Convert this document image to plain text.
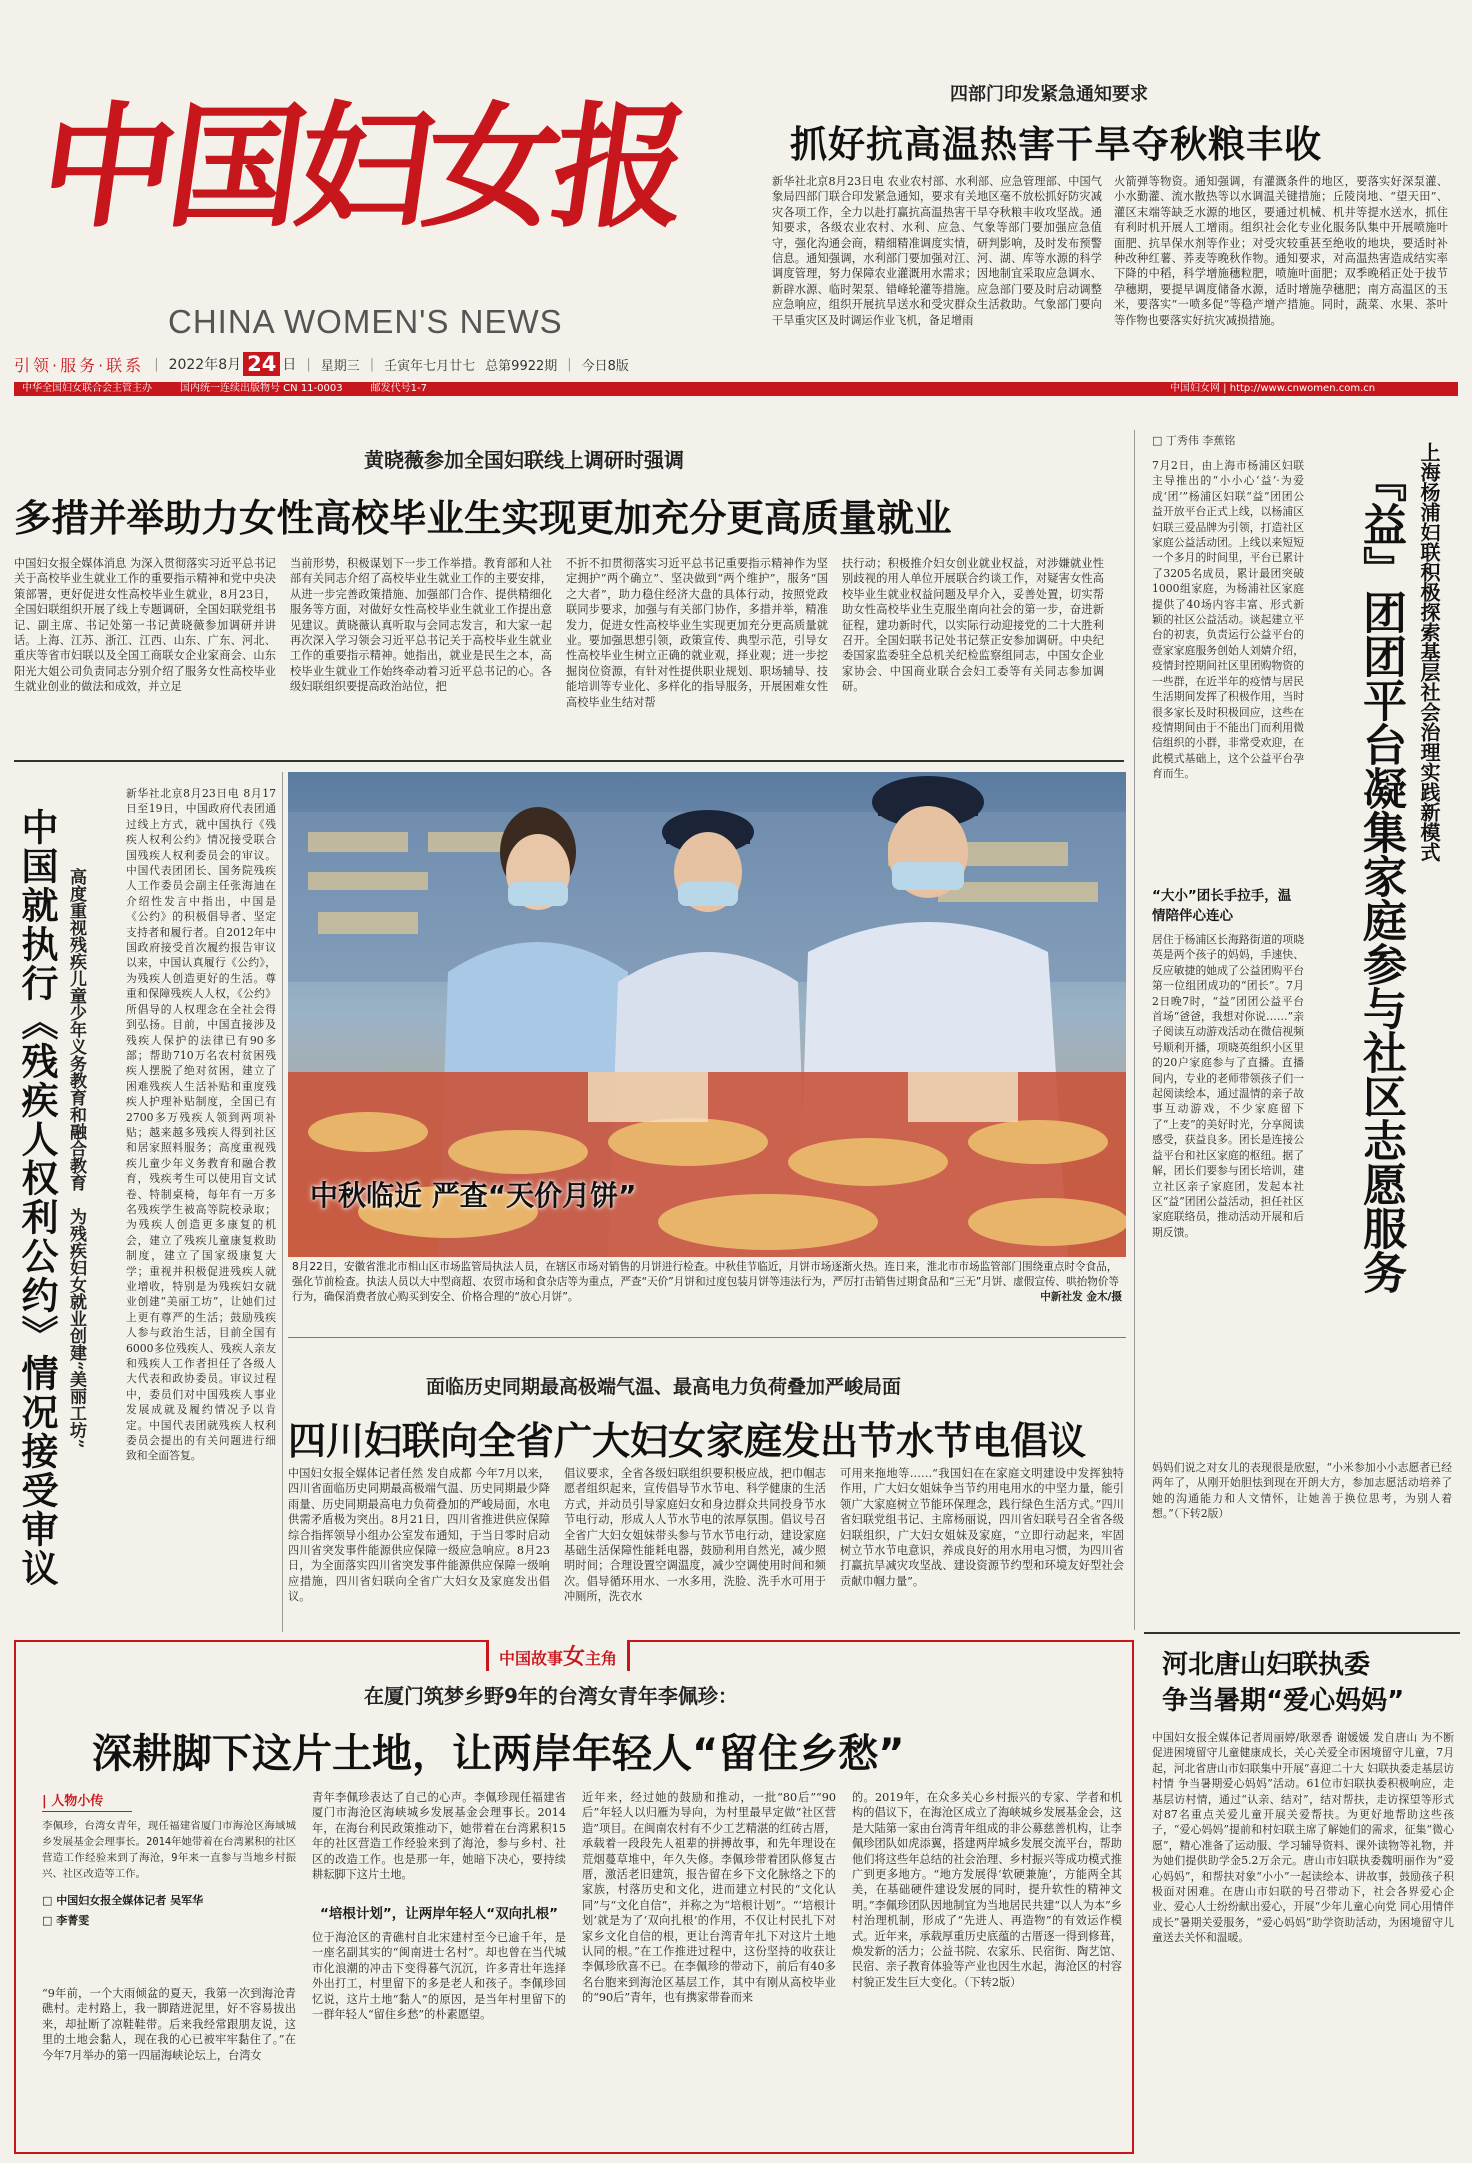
中国妇女报
CHINA WOMEN'S NEWS
引领·服务·联系 | 2022年8月 24 日 | 星期三 | 壬寅年七月廿七 总第9922期 | 今日8版
中华全国妇女联合会主管主办	国内统一连续出版物号 CN 11-0003	邮发代号1-7	中国妇女网 | http://www.cnwomen.com.cn
四部门印发紧急通知要求
抓好抗高温热害干旱夺秋粮丰收
新华社北京8月23日电 农业农村部、水利部、应急管理部、中国气象局四部门联合印发紧急通知，要求有关地区毫不放松抓好防灾减灾各项工作，全力以赴打赢抗高温热害干旱夺秋粮丰收攻坚战。通知要求，各级农业农村、水利、应急、气象等部门要加强应急值守，强化沟通会商，精细精准调度实情，研判影响，及时发布预警信息。通知强调，水利部门要加强对江、河、湖、库等水源的科学调度管理，努力保障农业灌溉用水需求；因地制宜采取应急调水、新辟水源、临时架泵、错峰轮灌等措施。应急部门要及时启动调整应急响应，组织开展抗旱送水和受灾群众生活救助。气象部门要向干旱重灾区及时调运作业飞机，备足增雨
火箭弹等物资。通知强调，有灌溉条件的地区，要落实好深泵灌、小水勤灌、流水散热等以水调温关键措施；丘陵岗地、“望天田”、灌区末端等缺乏水源的地区，要通过机械、机井等提水送水，抓住有利时机开展人工增雨。组织社会化专业化服务队集中开展喷施叶面肥、抗旱保水剂等作业；对受灾较重甚至绝收的地块，要适时补种改种红薯、荞麦等晚秋作物。通知要求，对高温热害造成结实率下降的中稻，科学增施穗粒肥，喷施叶面肥；双季晚稻正处于拔节孕穗期，要提早调度储备水源，适时增施孕穗肥；南方高温区的玉米，要落实“一喷多促”等稳产增产措施。同时，蔬菜、水果、茶叶等作物也要落实好抗灾减损措施。
黄晓薇参加全国妇联线上调研时强调
多措并举助力女性高校毕业生实现更加充分更高质量就业
中国妇女报全媒体消息 为深入贯彻落实习近平总书记关于高校毕业生就业工作的重要指示精神和党中央决策部署，更好促进女性高校毕业生就业，8月23日，全国妇联组织开展了线上专题调研，全国妇联党组书记、副主席、书记处第一书记黄晓薇参加调研并讲话。上海、江苏、浙江、江西、山东、广东、河北、重庆等省市妇联以及全国工商联女企业家商会、山东阳光大姐公司负责同志分别介绍了服务女性高校毕业生就业创业的做法和成效，并立足
当前形势，积极谋划下一步工作举措。教育部和人社部有关同志介绍了高校毕业生就业工作的主要安排，从进一步完善政策措施、加强部门合作、提供精细化服务等方面，对做好女性高校毕业生就业工作提出意见建议。黄晓薇认真听取与会同志发言，和大家一起再次深入学习领会习近平总书记关于高校毕业生就业工作的重要指示精神。她指出，就业是民生之本，高校毕业生就业工作始终牵动着习近平总书记的心。各级妇联组织要提高政治站位，把
不折不扣贯彻落实习近平总书记重要指示精神作为坚定拥护“两个确立”、坚决做到“两个维护”，服务“国之大者”，助力稳住经济大盘的具体行动，按照党政联同步要求，加强与有关部门协作，多措并举，精准发力，促进女性高校毕业生实现更加充分更高质量就业。要加强思想引领，政策宣传、典型示范，引导女性高校毕业生树立正确的就业观，择业观；进一步挖掘岗位资源，有针对性提供职业规划、职场辅导、技能培训等专业化、多样化的指导服务，开展困难女性高校毕业生结对帮
扶行动；积极推介妇女创业就业权益，对涉嫌就业性别歧视的用人单位开展联合约谈工作，对疑害女性高校毕业生就业权益问题及早介入，妥善处置，切实帮助女性高校毕业生克服坐南向社会的第一步，奋进新征程，建功新时代，以实际行动迎接党的二十大胜利召开。全国妇联书记处书记蔡正安参加调研。中央纪委国家监委驻全总机关纪检监察组同志，中国女企业家协会、中国商业联合会妇工委等有关同志参加调研。
中国就执行《残疾人权利公约》情况接受审议 高度重视残疾儿童少年义务教育和融合教育　为残疾妇女就业创建“美丽工坊”
新华社北京8月23日电 8月17日至19日，中国政府代表团通过线上方式，就中国执行《残疾人权利公约》情况接受联合国残疾人权利委员会的审议。中国代表团团长、国务院残疾人工作委员会副主任张海迪在介绍性发言中指出，中国是《公约》的积极倡导者、坚定支持者和履行者。自2012年中国政府接受首次履约报告审议以来，中国认真履行《公约》，为残疾人创造更好的生活。尊重和保障残疾人人权，《公约》所倡导的人权理念在全社会得到弘扬。目前，中国直接涉及残疾人保护的法律已有90多部；帮助710万名农村贫困残疾人摆脱了绝对贫困，建立了困难残疾人生活补贴和重度残疾人护理补贴制度，全国已有2700多万残疾人领到两项补贴；越来越多残疾人得到社区和居家照料服务；高度重视残疾儿童少年义务教育和融合教育，残疾考生可以使用盲文试卷、特制桌椅，每年有一万多名残疾学生被高等院校录取；为残疾人创造更多康复的机会，建立了残疾儿童康复救助制度，建立了国家级康复大学；重视并积极促进残疾人就业增收，特别是为残疾妇女就业创建“美丽工坊”，让她们过上更有尊严的生活；鼓励残疾人参与政治生活，目前全国有6000多位残疾人、残疾人亲友和残疾人工作者担任了各级人大代表和政协委员。审议过程中，委员们对中国残疾人事业发展成就及履约情况予以肯定。中国代表团就残疾人权利委员会提出的有关问题进行细致和全面答复。
中秋临近 严查“天价月饼”
8月22日，安徽省淮北市相山区市场监管局执法人员，在辖区市场对销售的月饼进行检查。中秋佳节临近，月饼市场逐渐火热。连日来，淮北市市场监管部门围绕重点时令食品，强化节前检查。执法人员以大中型商超、农贸市场和食杂店等为重点，严查“天价”月饼和过度包装月饼等违法行为，严厉打击销售过期食品和“三无”月饼、虚假宣传、哄抬物价等行为，确保消费者放心购买到安全、价格合理的“放心月饼”。	中新社发 金木/摄
面临历史同期最高极端气温、最高电力负荷叠加严峻局面
四川妇联向全省广大妇女家庭发出节水节电倡议
中国妇女报全媒体记者任然 发自成都 今年7月以来，四川省面临历史同期最高极端气温、历史同期最少降雨量、历史同期最高电力负荷叠加的严峻局面，水电供需矛盾极为突出。8月21日，四川省推进供应保障综合指挥领导小组办公室发布通知，于当日零时启动四川省突发事件能源供应保障一级应急响应。8月23日，为全面落实四川省突发事件能源供应保障一级响应措施，四川省妇联向全省广大妇女及家庭发出倡议。
倡议要求，全省各级妇联组织要积极应战，把巾帼志愿者组织起来，宣传倡导节水节电、科学健康的生活方式，并动员引导家庭妇女和身边群众共同投身节水节电行动，形成人人节水节电的浓厚氛围。倡议号召全省广大妇女姐妹带头参与节水节电行动，建设家庭基础生活保障性能耗电器，鼓励利用自然光，减少照明时间；合理设置空调温度，减少空调使用时间和频次。倡导循环用水、一水多用，洗脸、洗手水可用于冲厕所，洗衣水
可用来拖地等……“我国妇在在家庭文明建设中发挥独特作用，广大妇女姐妹争当节约用电用水的中坚力量，能引领广大家庭树立节能环保理念，践行绿色生活方式。”四川省妇联党组书记、主席杨丽说，四川省妇联号召全省各级妇联组织，广大妇女姐妹及家庭，“立即行动起来，牢固树立节水节电意识，养成良好的用水用电习惯，为四川省打赢抗旱减灾攻坚战、建设资源节约型和环境友好型社会贡献巾帼力量”。
□ 丁秀伟 李蕉铭
7月2日，由上海市杨浦区妇联主导推出的“小小心‘益’·为爱成‘团’”杨浦区妇联“益”团团公益开放平台正式上线，以杨浦区妇联三爱品牌为引领，打造社区家庭公益活动团。上线以来短短一个多月的时间里，平台已累计了3205名成员，累计最团突破1000组家庭，为杨浦社区家庭提供了40场内容丰富、形式新颖的社区公益活动。谈起建立平台的初衷，负责运行公益平台的壹家家庭服务创始人刘婧介绍，疫情封控期间社区里团购物资的一些群，在近半年的疫情与居民生活期间发挥了积极作用，当时很多家长及时积极回应，这些在疫情期间由于不能出门而利用微信组织的小群，非常受欢迎，在此模式基础上，这个公益平台孕育而生。
“大小”团长手拉手，温情陪伴心连心
居住于杨浦区长海路街道的项晓英是两个孩子的妈妈，手速快、反应敏捷的她成了公益团购平台第一位组团成功的“团长”。7月2日晚7时，“益”团团公益平台首场“爸爸，我想对你说……”亲子阅读互动游戏活动在微信视频号顺利开播，项晓英组织小区里的20户家庭参与了直播。直播间内，专业的老师带领孩子们一起阅读绘本，通过温情的亲子故事互动游戏，不少家庭留下了“上麦”的美好时光，分享阅读感受，获益良多。团长是连接公益平台和社区家庭的枢纽。据了解，团长们要参与团长培训，建立社区亲子家庭团，发起本社区“益”团团公益活动，担任社区家庭联络员，推动活动开展和后期反馈。
妈妈们说之对女儿的表现很是欣慰，“小米参加小小志愿者已经两年了，从刚开始胆怯到现在开朗大方，参加志愿活动培养了她的沟通能力和人文情怀，让她善于换位思考，为别人着想。”（下转2版）
上海杨浦妇联积极探索基层社会治理实践新模式
『益』团团平台凝集家庭参与社区志愿服务
河北唐山妇联执委
争当暑期“爱心妈妈”
中国妇女报全媒体记者周丽婷/耿翠香 谢媛媛 发自唐山 为不断促进困境留守儿童健康成长，关心关爱全市困境留守儿童，7月起，河北省唐山市妇联集中开展“喜迎二十大 妇联执委走基层访村情 争当暑期爱心妈妈”活动。61位市妇联执委积极响应，走基层访村情，通过“认亲、结对”，结对帮扶，走访探望等形式对87名重点关爱儿童开展关爱帮扶。为更好地帮助这些孩子，“爱心妈妈”提前和村妇联主席了解她们的需求，征集“微心愿”，精心准备了运动服、学习辅导资料、课外读物等礼物，并为她们提供助学金5.2万余元。唐山市妇联执委魏明丽作为“爱心妈妈”，和帮扶对象“小小”一起读绘本、讲故事，鼓励孩子积极面对困难。在唐山市妇联的号召带动下，社会各界爱心企业、爱心人士纷纷献出爱心，开展“少年儿童心向党 同心用情伴成长”暑期关爱服务，“爱心妈妈”助学资助活动，为困境留守儿童送去关怀和温暖。
中国故事女主角
在厦门筑梦乡野9年的台湾女青年李佩珍：
深耕脚下这片土地，让两岸年轻人“留住乡愁”
| 人物小传
李佩珍，台湾女青年，现任福建省厦门市海沧区海域城乡发展基金会理事长。2014年她带着在台湾累积的社区营造工作经验来到了海沧，9年来一直参与当地乡村振兴、社区改造等工作。
□ 中国妇女报全媒体记者 吴军华
□ 李菁雯
“9年前，一个大雨倾盆的夏天，我第一次到海沧青礁村。走村路上，我一脚踏进泥里，好不容易拔出来，却扯断了凉鞋鞋带。后来我经常跟朋友说，这里的土地会黏人，现在我的心已被牢牢黏住了。”在今年7月举办的第一四届海峡论坛上，台湾女
青年李佩珍表达了自己的心声。李佩珍现任福建省厦门市海沧区海峡城乡发展基金会理事长。2014年，在海台利民政策推动下，她带着在台湾累积15年的社区营造工作经验来到了海沧，参与乡村、社区的改造工作。也是那一年，她暗下决心，要持续耕耘脚下这片土地。
“培根计划”，让两岸年轻人“双向扎根”
位于海沧区的青礁村自北宋建村至今已逾千年，是一座名副其实的“闽南进士名村”。却也曾在当代城市化浪潮的冲击下变得暮气沉沉，许多青壮年选择外出打工，村里留下的多是老人和孩子。李佩珍回忆说，这片土地“黏人”的原因，是当年村里留下的一群年轻人“留住乡愁”的朴素愿望。
近年来，经过她的鼓励和推动，一批“80后”“90后”年轻人以归雁为导向，为村里最早定做“社区营造”项目。在闽南农村有不少工艺精湛的红砖古厝，承载着一段段先人祖辈的拼搏故事，和先年理设在荒烟蔓草堆中，年久失修。李佩珍带着团队修复古厝，激活老旧建筑，报告留在乡下文化脉络之下的家族，村落历史和文化，进而建立村民的“文化认同”与“文化自信”，并称之为“培根计划”。“‘培根计划’就是为了‘双向扎根’的作用，不仅让村民扎下对家乡文化自信的根，更让台湾青年扎下对这片土地认同的根。”在工作推进过程中，这份坚持的收获让李佩珍欣喜不已。在李佩珍的带动下，前后有40多名台胞来到海沧区基层工作，其中有刚从高校毕业的“90后”青年，也有携家带眷而来
的。2019年，在众多关心乡村振兴的专家、学者和机构的倡议下，在海沧区成立了海峡城乡发展基金会，这是大陆第一家由台湾青年组成的非公募慈善机构，让李佩珍团队如虎添翼，搭建两岸城乡发展交流平台，帮助他们将这些年总结的社会治理、乡村振兴等成功模式推广到更多地方。“地方发展得‘软硬兼施’，方能两全其美，在基础硬件建设发展的同时，提升软性的精神文明。”李佩珍团队因地制宜为当地居民共建“以人为本”乡村治理机制，形成了“先进人、再造物”的有效运作模式。近年来，承载厚重历史底蕴的古厝逐一得到修葺，焕发新的活力；公益书院、农家乐、民宿街、陶艺馆、民宿、亲子教育体验等产业也因生水起，海沧区的村容村貌正发生巨大变化。（下转2版）
